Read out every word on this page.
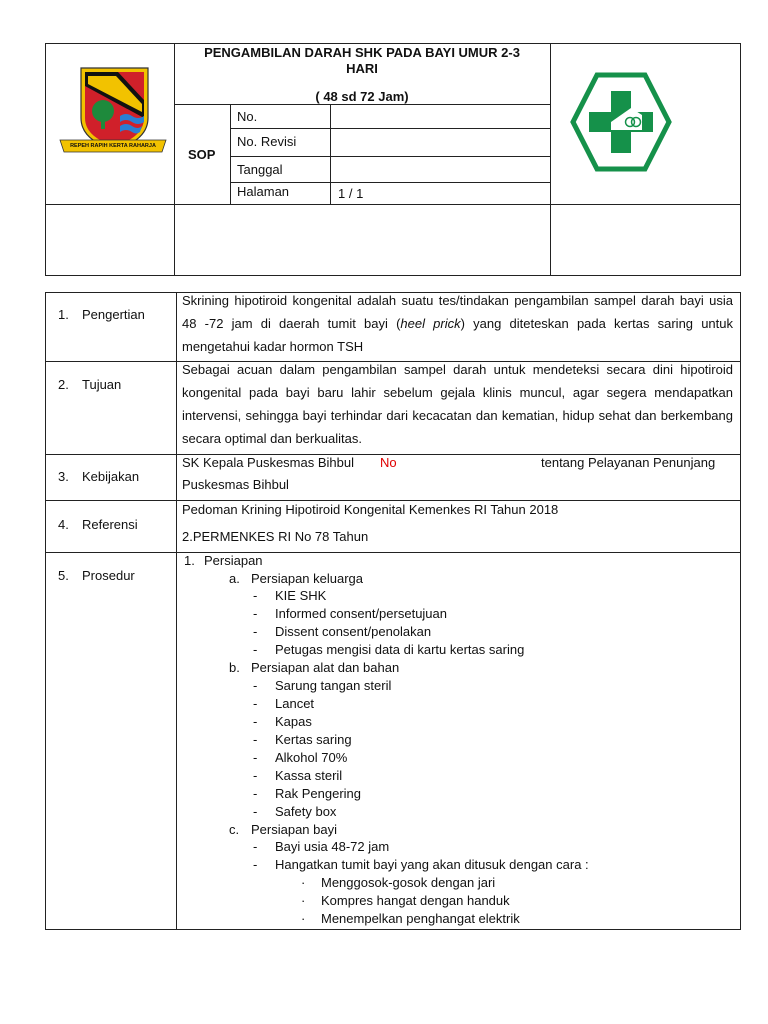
REPEH RAPIH KERTA RAHARJA
PENGAMBILAN DARAH SHK PADA BAYI UMUR 2-3
HARI
( 48 sd 72 Jam)
SOP
No.
No. Revisi
Tanggal
Halaman	1 / 1
1. Pengertian
Skrining hipotiroid kongenital adalah suatu tes/tindakan pengambilan sampel darah bayi usia 48 -72 jam di daerah tumit bayi (heel prick) yang diteteskan pada kertas saring untuk mengetahui kadar hormon TSH
2. Tujuan
Sebagai acuan dalam pengambilan sampel darah untuk mendeteksi secara dini hipotiroid kongenital pada bayi baru lahir sebelum gejala klinis muncul, agar segera mendapatkan intervensi, sehingga bayi terhindar dari kecacatan dan kematian, hidup sehat dan berkembang secara optimal dan berkualitas.
3. Kebijakan
SK Kepala Puskesmas Bihbul No	tentang Pelayanan Penunjang
Puskesmas Bihbul
4. Referensi
Pedoman Krining Hipotiroid Kongenital Kemenkes RI Tahun 2018
2.PERMENKES RI No 78 Tahun
5. Prosedur
1. Persiapan
a. Persiapan keluarga
- KIE SHK
- Informed consent/persetujuan
- Dissent consent/penolakan
- Petugas mengisi data di kartu kertas saring
b. Persiapan alat dan bahan
- Sarung tangan steril
- Lancet
- Kapas
- Kertas saring
- Alkohol 70%
- Kassa steril
- Rak Pengering
- Safety box
c. Persiapan bayi
- Bayi usia 48-72 jam
- Hangatkan tumit bayi yang akan ditusuk dengan cara :
· Menggosok-gosok dengan jari
· Kompres hangat dengan handuk
· Menempelkan penghangat elektrik
